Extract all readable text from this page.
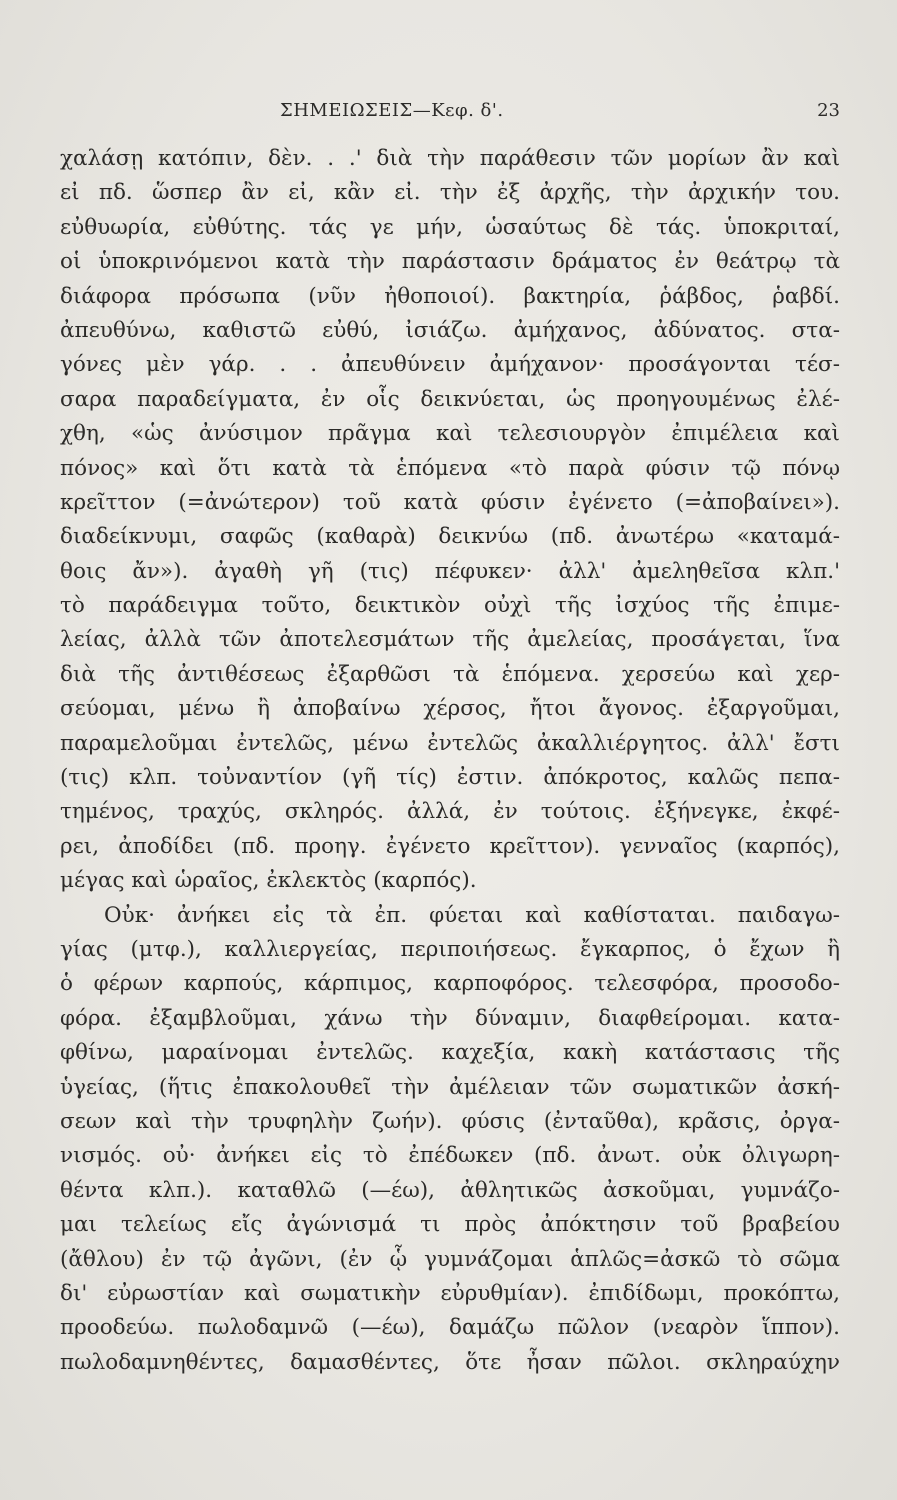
ΣΗΜΕΙΩΣΕΙΣ—Κεφ. δ'.	23
χαλάσῃ κατόπιν, δὲν. . .' διὰ τὴν παράθεσιν τῶν μορίων ἂν καὶ
εἰ πδ. ὥσπερ ἂν εἰ, κἂν εἰ. τὴν ἐξ ἀρχῆς, τὴν ἀρχικήν του.
εὐθυωρία, εὐθύτης. τάς γε μήν, ὡσαύτως δὲ τάς. ὑποκριταί,
οἱ ὑποκρινόμενοι κατὰ τὴν παράστασιν δράματος ἐν θεάτρῳ τὰ
διάφορα πρόσωπα (νῦν ἠθοποιοί). βακτηρία, ῥάβδος, ῥαβδί.
ἀπευθύνω, καθιστῶ εὐθύ, ἰσιάζω. ἀμήχανος, ἀδύνατος. στα-
γόνες μὲν γάρ. . . ἀπευθύνειν ἀμήχανον· προσάγονται τέσ-
σαρα παραδείγματα, ἐν οἷς δεικνύεται, ὡς προηγουμένως ἐλέ-
χθη, «ὡς ἀνύσιμον πρᾶγμα καὶ τελεσιουργὸν ἐπιμέλεια καὶ
πόνος» καὶ ὅτι κατὰ τὰ ἑπόμενα «τὸ παρὰ φύσιν τῷ πόνῳ
κρεῖττον (=ἀνώτερον) τοῦ κατὰ φύσιν ἐγένετο (=ἀποβαίνει»).
διαδείκνυμι, σαφῶς (καθαρὰ) δεικνύω (πδ. ἀνωτέρω «καταμά-
θοις ἄν»). ἀγαθὴ γῆ (τις) πέφυκεν· ἀλλ' ἀμεληθεῖσα κλπ.'
τὸ παράδειγμα τοῦτο, δεικτικὸν οὐχὶ τῆς ἰσχύος τῆς ἐπιμε-
λείας, ἀλλὰ τῶν ἀποτελεσμάτων τῆς ἀμελείας, προσάγεται, ἵνα
διὰ τῆς ἀντιθέσεως ἐξαρθῶσι τὰ ἑπόμενα. χερσεύω καὶ χερ-
σεύομαι, μένω ἢ ἀποβαίνω χέρσος, ἤτοι ἄγονος. ἐξαργοῦμαι,
παραμελοῦμαι ἐντελῶς, μένω ἐντελῶς ἀκαλλιέργητος. ἀλλ' ἔστι
(τις) κλπ. τοὐναντίον (γῆ τίς) ἐστιν. ἀπόκροτος, καλῶς πεπα-
τημένος, τραχύς, σκληρός. ἀλλά, ἐν τούτοις. ἐξήνεγκε, ἐκφέ-
ρει, ἀποδίδει (πδ. προηγ. ἐγένετο κρεῖττον). γενναῖος (καρπός),
μέγας καὶ ὡραῖος, ἐκλεκτὸς (καρπός).
Οὐκ· ἀνήκει εἰς τὰ ἐπ. φύεται καὶ καθίσταται. παιδαγω-
γίας (μτφ.), καλλιεργείας, περιποιήσεως. ἔγκαρπος, ὁ ἔχων ἢ
ὁ φέρων καρπούς, κάρπιμος, καρποφόρος. τελεσφόρα, προσοδο-
φόρα. ἐξαμβλοῦμαι, χάνω τὴν δύναμιν, διαφθείρομαι. κατα-
φθίνω, μαραίνομαι ἐντελῶς. καχεξία, κακὴ κατάστασις τῆς
ὑγείας, (ἥτις ἐπακολουθεῖ τὴν ἀμέλειαν τῶν σωματικῶν ἀσκή-
σεων καὶ τὴν τρυφηλὴν ζωήν). φύσις (ἐνταῦθα), κρᾶσις, ὀργα-
νισμός. οὐ· ἀνήκει εἰς τὸ ἐπέδωκεν (πδ. ἀνωτ. οὐκ ὀλιγωρη-
θέντα κλπ.). καταθλῶ (—έω), ἀθλητικῶς ἀσκοῦμαι, γυμνάζο-
μαι τελείως εἴς ἀγώνισμά τι πρὸς ἀπόκτησιν τοῦ βραβείου
(ἄθλου) ἐν τῷ ἀγῶνι, (ἐν ᾧ γυμνάζομαι ἁπλῶς=ἀσκῶ τὸ σῶμα
δι' εὐρωστίαν καὶ σωματικὴν εὐρυθμίαν). ἐπιδίδωμι, προκόπτω,
προοδεύω. πωλοδαμνῶ (—έω), δαμάζω πῶλον (νεαρὸν ἵππον).
πωλοδαμνηθέντες, δαμασθέντες, ὅτε ἦσαν πῶλοι. σκληραύχην
